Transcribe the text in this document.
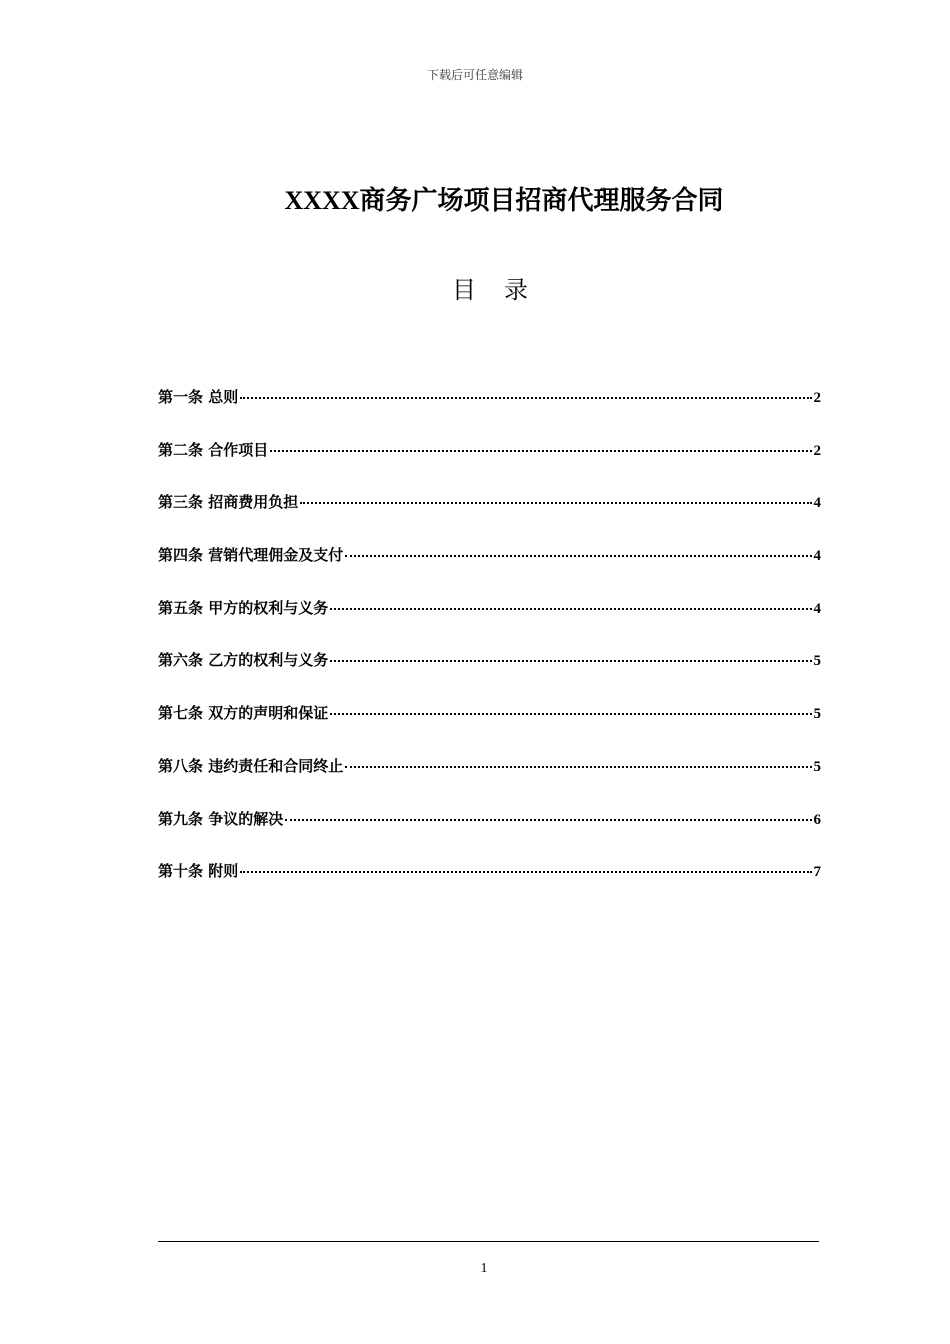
下载后可任意编辑
XXXX商务广场项目招商代理服务合同
目录
第一条 总则	2
第二条 合作项目	2
第三条 招商费用负担	4
第四条 营销代理佣金及支付	4
第五条 甲方的权利与义务	4
第六条 乙方的权利与义务	5
第七条 双方的声明和保证	5
第八条 违约责任和合同终止	5
第九条 争议的解决	6
第十条 附则	7
1
